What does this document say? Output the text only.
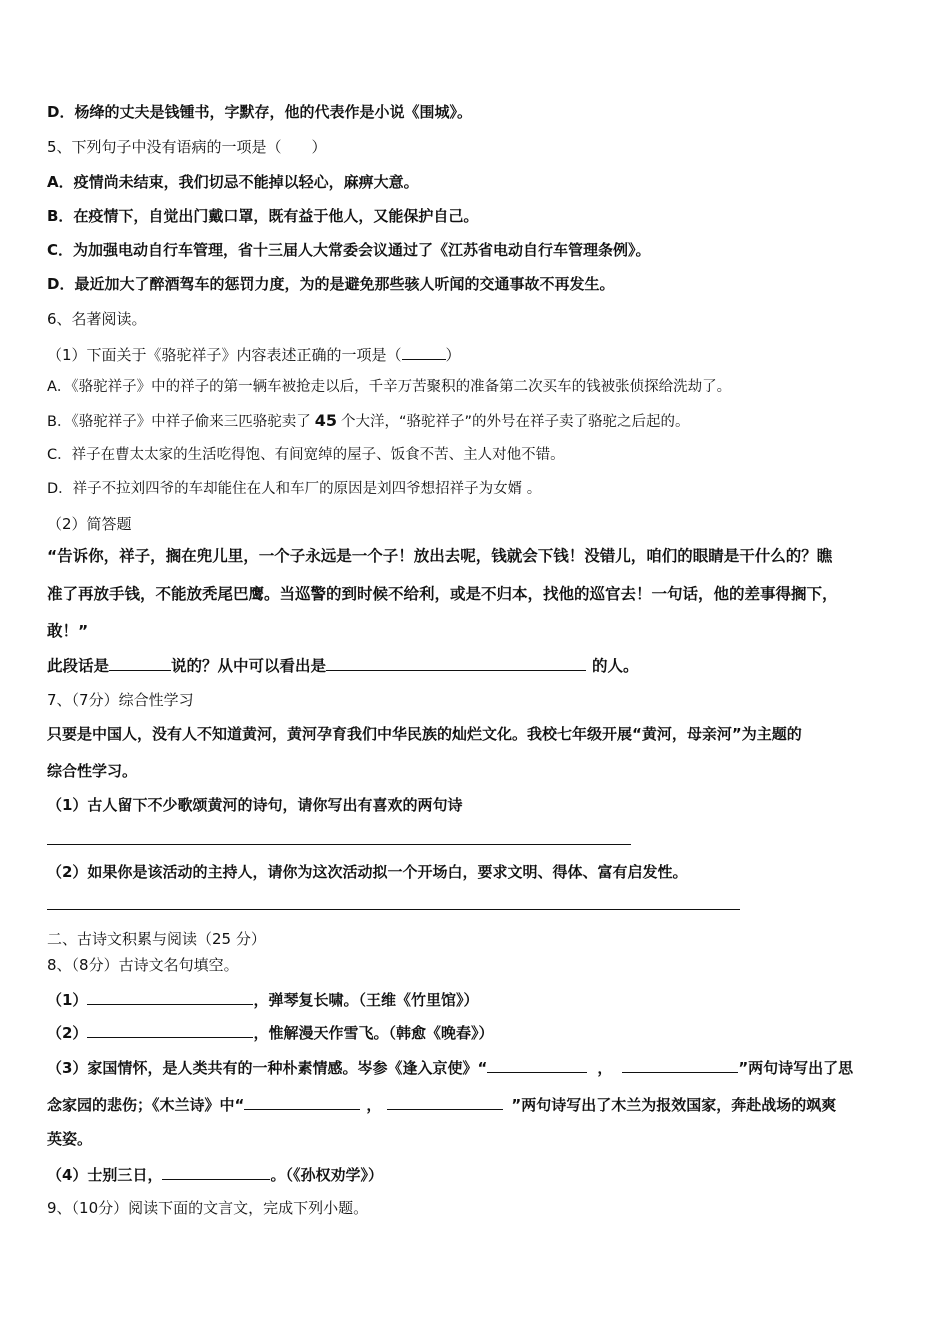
D．杨绛的丈夫是钱锺书，字默存，他的代表作是小说《围城》。
5、下列句子中没有语病的一项是（　　）
A．疫情尚未结束，我们切忌不能掉以轻心，麻痹大意。
B．在疫情下，自觉出门戴口罩，既有益于他人，又能保护自己。
C．为加强电动自行车管理，省十三届人大常委会议通过了《江苏省电动自行车管理条例》。
D．最近加大了醉酒驾车的惩罚力度，为的是避免那些骇人听闻的交通事故不再发生。
6、名著阅读。
（1）下面关于《骆驼祥子》内容表述正确的一项是（	）
A．《骆驼祥子》中的祥子的第一辆车被抢走以后，千辛万苦聚积的准备第二次买车的钱被张侦探给洗劫了。
B．《骆驼祥子》中祥子偷来三匹骆驼卖了 45 个大洋，“骆驼祥子”的外号在祥子卖了骆驼之后起的。
C．祥子在曹太太家的生活吃得饱、有间宽绰的屋子、饭食不苦、主人对他不错。
D．祥子不拉刘四爷的车却能住在人和车厂的原因是刘四爷想招祥子为女婿 。
（2）简答题
“告诉你，祥子，搁在兜儿里，一个子永远是一个子！放出去呢，钱就会下钱！没错儿，咱们的眼睛是干什么的？瞧
准了再放手钱，不能放秃尾巴鹰。当巡警的到时候不给利，或是不归本，找他的巡官去！一句话，他的差事得搁下，
敢！”
此段话是	说的？从中可以看出是	的人。
7、（7分）综合性学习
只要是中国人，没有人不知道黄河，黄河孕育我们中华民族的灿烂文化。我校七年级开展“黄河，母亲河”为主题的
综合性学习。
（1）古人留下不少歌颂黄河的诗句，请你写出有喜欢的两句诗
（2）如果你是该活动的主持人，请你为这次活动拟一个开场白，要求文明、得体、富有启发性。
二、古诗文积累与阅读（25 分）
8、（8分）古诗文名句填空。
（1）	，弹琴复长啸。（王维《竹里馆》）
（2）	，惟解漫天作雪飞。（韩愈《晚春》）
（3）家国情怀，是人类共有的一种朴素情感。岑参《逢入京使》“	，	”两句诗写出了思
念家园的悲伤；《木兰诗》中“	，	”两句诗写出了木兰为报效国家，奔赴战场的飒爽
英姿。
（4）士别三日，	。（《孙权劝学》）
9、（10分）阅读下面的文言文，完成下列小题。
